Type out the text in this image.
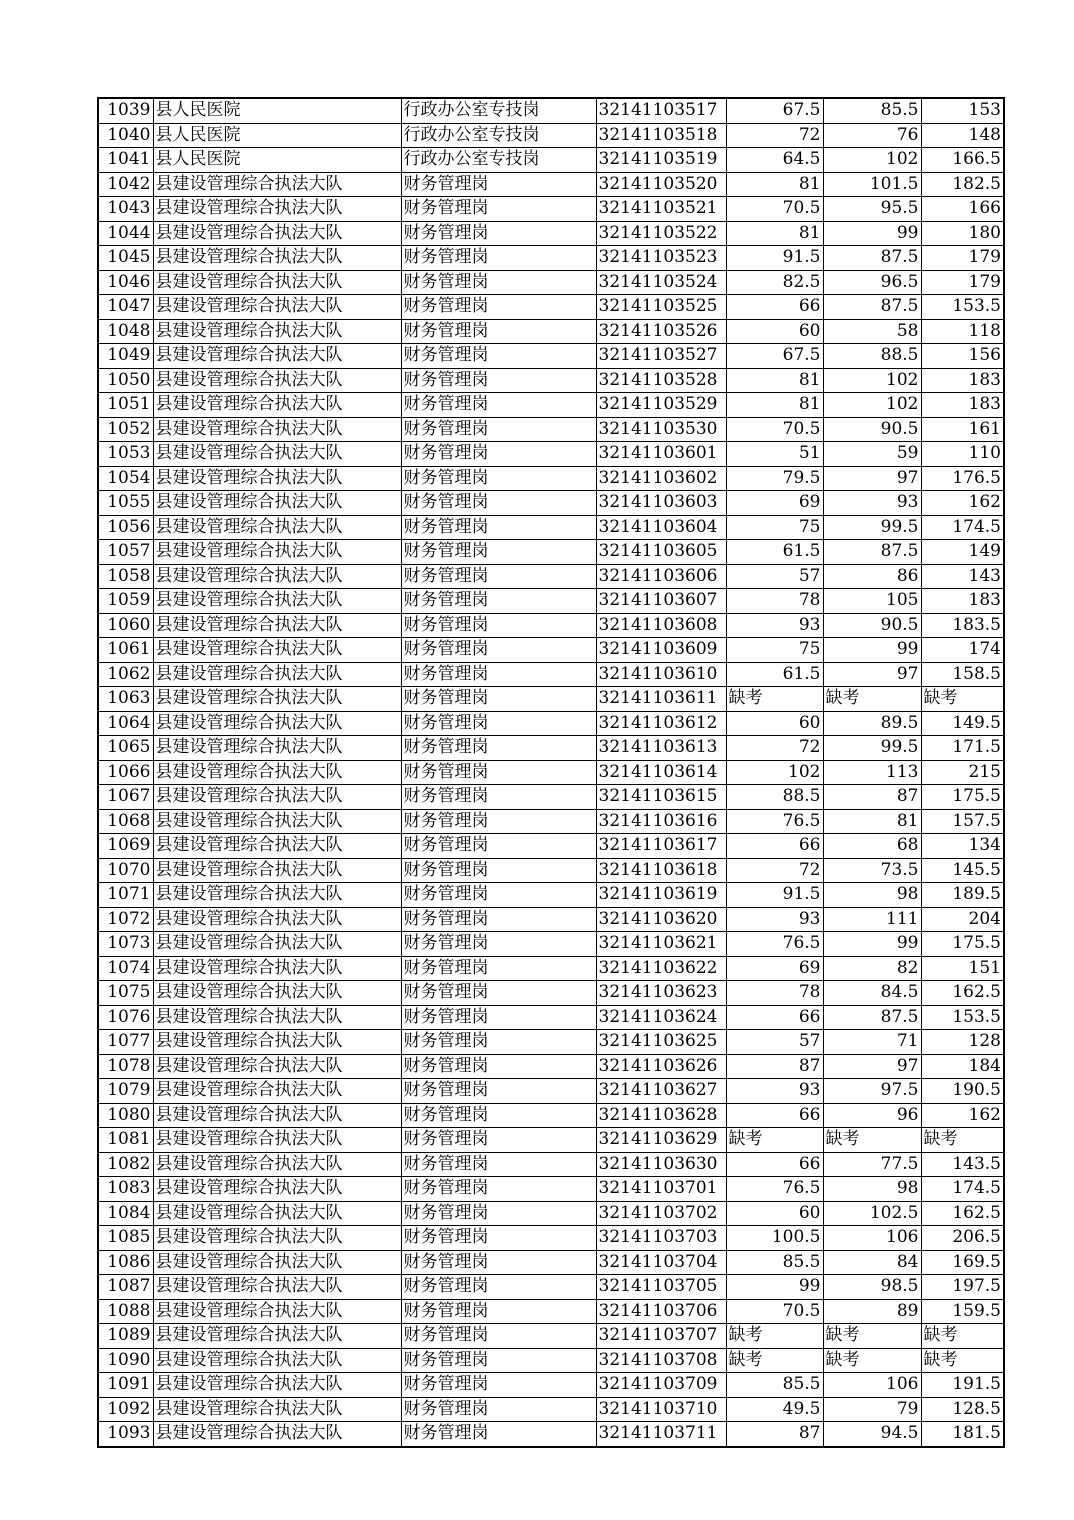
1039	县人民医院	行政办公室专技岗	32141103517	67.5	85.5	153
1040	县人民医院	行政办公室专技岗	32141103518	72	76	148
1041	县人民医院	行政办公室专技岗	32141103519	64.5	102	166.5
1042	县建设管理综合执法大队	财务管理岗	32141103520	81	101.5	182.5
1043	县建设管理综合执法大队	财务管理岗	32141103521	70.5	95.5	166
1044	县建设管理综合执法大队	财务管理岗	32141103522	81	99	180
1045	县建设管理综合执法大队	财务管理岗	32141103523	91.5	87.5	179
1046	县建设管理综合执法大队	财务管理岗	32141103524	82.5	96.5	179
1047	县建设管理综合执法大队	财务管理岗	32141103525	66	87.5	153.5
1048	县建设管理综合执法大队	财务管理岗	32141103526	60	58	118
1049	县建设管理综合执法大队	财务管理岗	32141103527	67.5	88.5	156
1050	县建设管理综合执法大队	财务管理岗	32141103528	81	102	183
1051	县建设管理综合执法大队	财务管理岗	32141103529	81	102	183
1052	县建设管理综合执法大队	财务管理岗	32141103530	70.5	90.5	161
1053	县建设管理综合执法大队	财务管理岗	32141103601	51	59	110
1054	县建设管理综合执法大队	财务管理岗	32141103602	79.5	97	176.5
1055	县建设管理综合执法大队	财务管理岗	32141103603	69	93	162
1056	县建设管理综合执法大队	财务管理岗	32141103604	75	99.5	174.5
1057	县建设管理综合执法大队	财务管理岗	32141103605	61.5	87.5	149
1058	县建设管理综合执法大队	财务管理岗	32141103606	57	86	143
1059	县建设管理综合执法大队	财务管理岗	32141103607	78	105	183
1060	县建设管理综合执法大队	财务管理岗	32141103608	93	90.5	183.5
1061	县建设管理综合执法大队	财务管理岗	32141103609	75	99	174
1062	县建设管理综合执法大队	财务管理岗	32141103610	61.5	97	158.5
1063	县建设管理综合执法大队	财务管理岗	32141103611	缺考	缺考	缺考
1064	县建设管理综合执法大队	财务管理岗	32141103612	60	89.5	149.5
1065	县建设管理综合执法大队	财务管理岗	32141103613	72	99.5	171.5
1066	县建设管理综合执法大队	财务管理岗	32141103614	102	113	215
1067	县建设管理综合执法大队	财务管理岗	32141103615	88.5	87	175.5
1068	县建设管理综合执法大队	财务管理岗	32141103616	76.5	81	157.5
1069	县建设管理综合执法大队	财务管理岗	32141103617	66	68	134
1070	县建设管理综合执法大队	财务管理岗	32141103618	72	73.5	145.5
1071	县建设管理综合执法大队	财务管理岗	32141103619	91.5	98	189.5
1072	县建设管理综合执法大队	财务管理岗	32141103620	93	111	204
1073	县建设管理综合执法大队	财务管理岗	32141103621	76.5	99	175.5
1074	县建设管理综合执法大队	财务管理岗	32141103622	69	82	151
1075	县建设管理综合执法大队	财务管理岗	32141103623	78	84.5	162.5
1076	县建设管理综合执法大队	财务管理岗	32141103624	66	87.5	153.5
1077	县建设管理综合执法大队	财务管理岗	32141103625	57	71	128
1078	县建设管理综合执法大队	财务管理岗	32141103626	87	97	184
1079	县建设管理综合执法大队	财务管理岗	32141103627	93	97.5	190.5
1080	县建设管理综合执法大队	财务管理岗	32141103628	66	96	162
1081	县建设管理综合执法大队	财务管理岗	32141103629	缺考	缺考	缺考
1082	县建设管理综合执法大队	财务管理岗	32141103630	66	77.5	143.5
1083	县建设管理综合执法大队	财务管理岗	32141103701	76.5	98	174.5
1084	县建设管理综合执法大队	财务管理岗	32141103702	60	102.5	162.5
1085	县建设管理综合执法大队	财务管理岗	32141103703	100.5	106	206.5
1086	县建设管理综合执法大队	财务管理岗	32141103704	85.5	84	169.5
1087	县建设管理综合执法大队	财务管理岗	32141103705	99	98.5	197.5
1088	县建设管理综合执法大队	财务管理岗	32141103706	70.5	89	159.5
1089	县建设管理综合执法大队	财务管理岗	32141103707	缺考	缺考	缺考
1090	县建设管理综合执法大队	财务管理岗	32141103708	缺考	缺考	缺考
1091	县建设管理综合执法大队	财务管理岗	32141103709	85.5	106	191.5
1092	县建设管理综合执法大队	财务管理岗	32141103710	49.5	79	128.5
1093	县建设管理综合执法大队	财务管理岗	32141103711	87	94.5	181.5
